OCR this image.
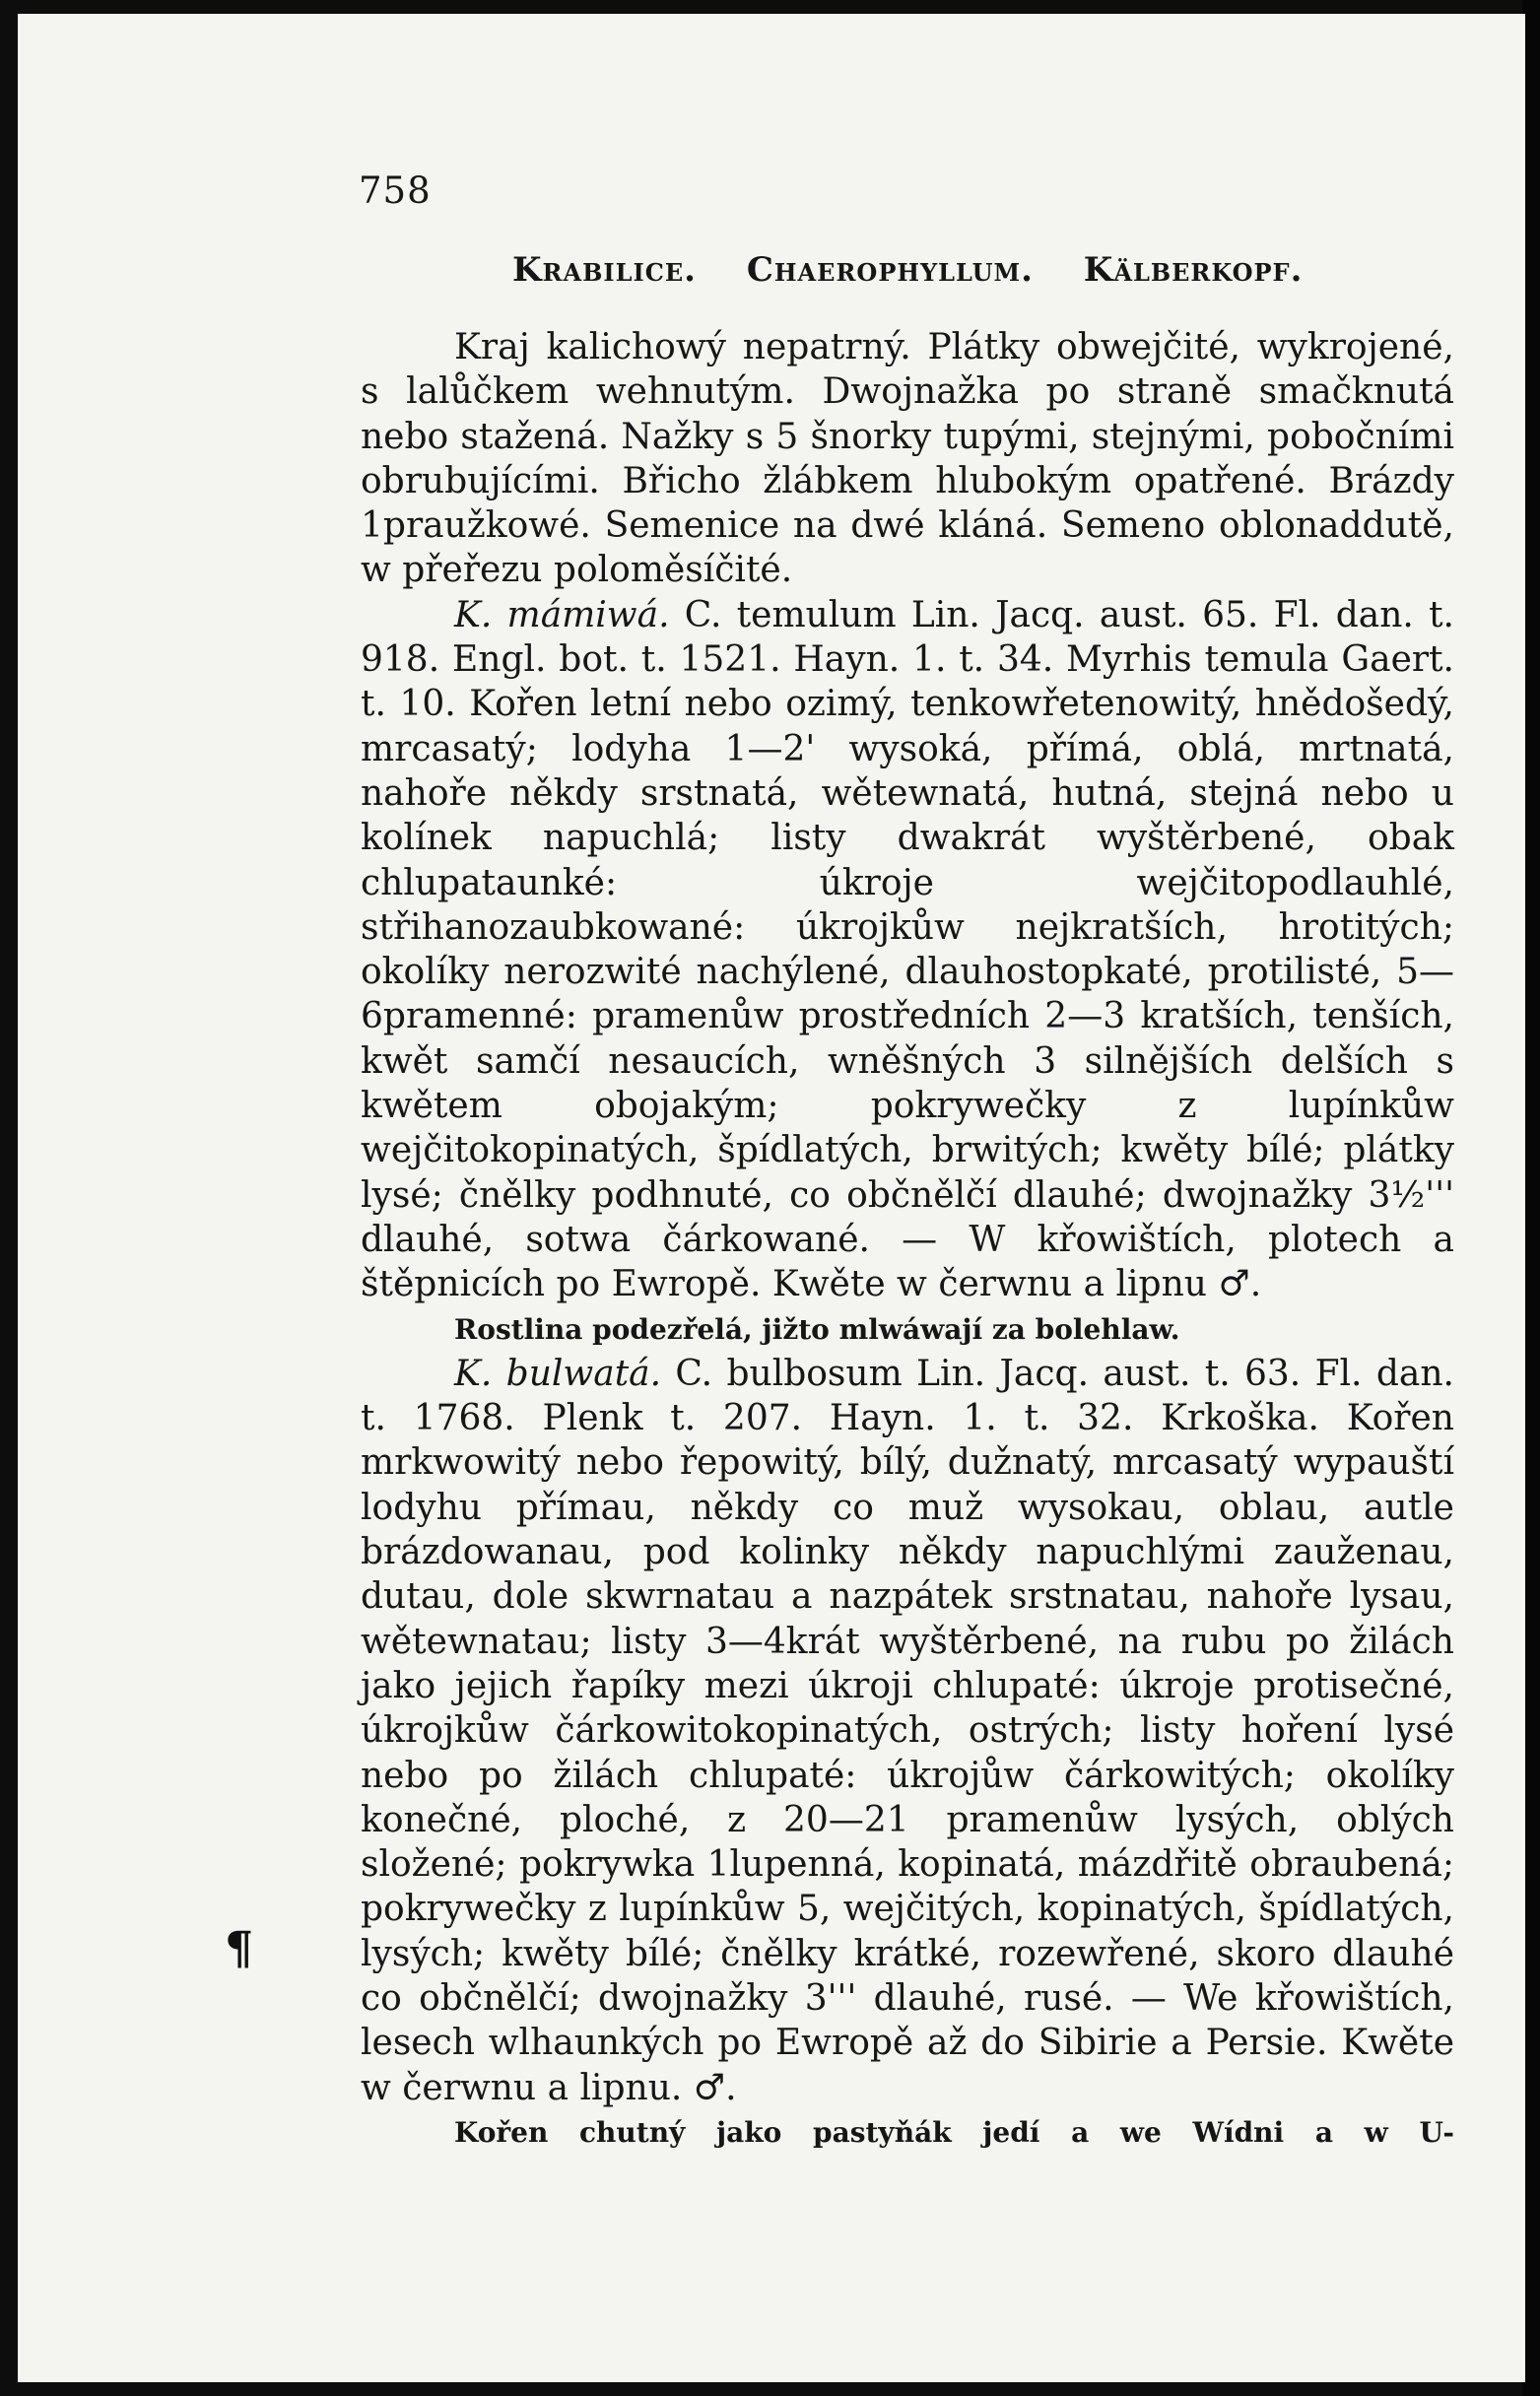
758
Krabilice. Chaerophyllum. Kälberkopf.

Kraj kalichowý nepatrný. Plátky obwejčité, wykrojené, s lalůčkem wehnutým. Dwojnažka po straně smačknutá nebo stažená. Nažky s 5 šnorky tupými, stejnými, pobočními obrubujícími. Břicho žlábkem hlubokým opatřené. Brázdy 1praužkowé. Semenice na dwé kláná. Semeno oblonaddutě, w přeřezu poloměsíčité.

K. mámiwá. C. temulum Lin. Jacq. aust. 65. Fl. dan. t. 918. Engl. bot. t. 1521. Hayn. 1. t. 34. Myrhis temula Gaert. t. 10. Kořen letní nebo ozimý, tenkowřetenowitý, hnědošedý, mrcasatý; lodyha 1—2' wysoká, přímá, oblá, mrtnatá, nahoře někdy srstnatá, wětewnatá, hutná, stejná nebo u kolínek napuchlá; listy dwakrát wyštěrbené, obak chlupataunké: úkroje wejčitopodlauhlé, střihanozaubkowané: úkrojkůw nejkratších, hrotitých; okolíky nerozwité nachýlené, dlauhostopkaté, protilisté, 5—6pramenné: pramenůw prostředních 2—3 kratších, tenších, kwět samčí nesaucích, wněšných 3 silnějších delších s kwětem obojakým; pokrywečky z lupínkůw wejčitokopinatých, špídlatých, brwitých; kwěty bílé; plátky lysé; čnělky podhnuté, co občnělčí dlauhé; dwojnažky 3½''' dlauhé, sotwa čárkowané. — W křowištích, plotech a štěpnicích po Ewropě. Kwěte w čerwnu a lipnu ♂.

Rostlina podezřelá, jižto mlwáwají za bolehlaw.

K. bulwatá. C. bulbosum Lin. Jacq. aust. t. 63. Fl. dan. t. 1768. Plenk t. 207. Hayn. 1. t. 32. Krkoška. Kořen mrkwowitý nebo řepowitý, bílý, dužnatý, mrcasatý wypauští lodyhu přímau, někdy co muž wysokau, oblau, autle brázdowanau, pod kolinky někdy napuchlými zauženau, dutau, dole skwrnatau a nazpátek srstnatau, nahoře lysau, wětewnatau; listy 3—4krát wyštěrbené, na rubu po žilách jako jejich řapíky mezi úkroji chlupaté: úkroje protisečné, úkrojkůw čárkowitokopinatých, ostrých; listy hoření lysé nebo po žilách chlupaté: úkrojůw čárkowitých; okolíky konečné, ploché, z 20—21 pramenůw lysých, oblých složené; pokrywka 1lupenná, kopinatá, mázdřitě obraubená; pokrywečky z lupínkůw 5, wejčitých, kopinatých, špídlatých, lysých; kwěty bílé; čnělky krátké, rozewřené, skoro dlauhé co občnělčí; dwojnažky 3''' dlauhé, rusé. — We křowištích, lesech wlhaunkých po Ewropě až do Sibirie a Persie. Kwěte w čerwnu a lipnu. ♂.

Kořen chutný jako pastyňák jedí a we Wídni a w U-

¶
